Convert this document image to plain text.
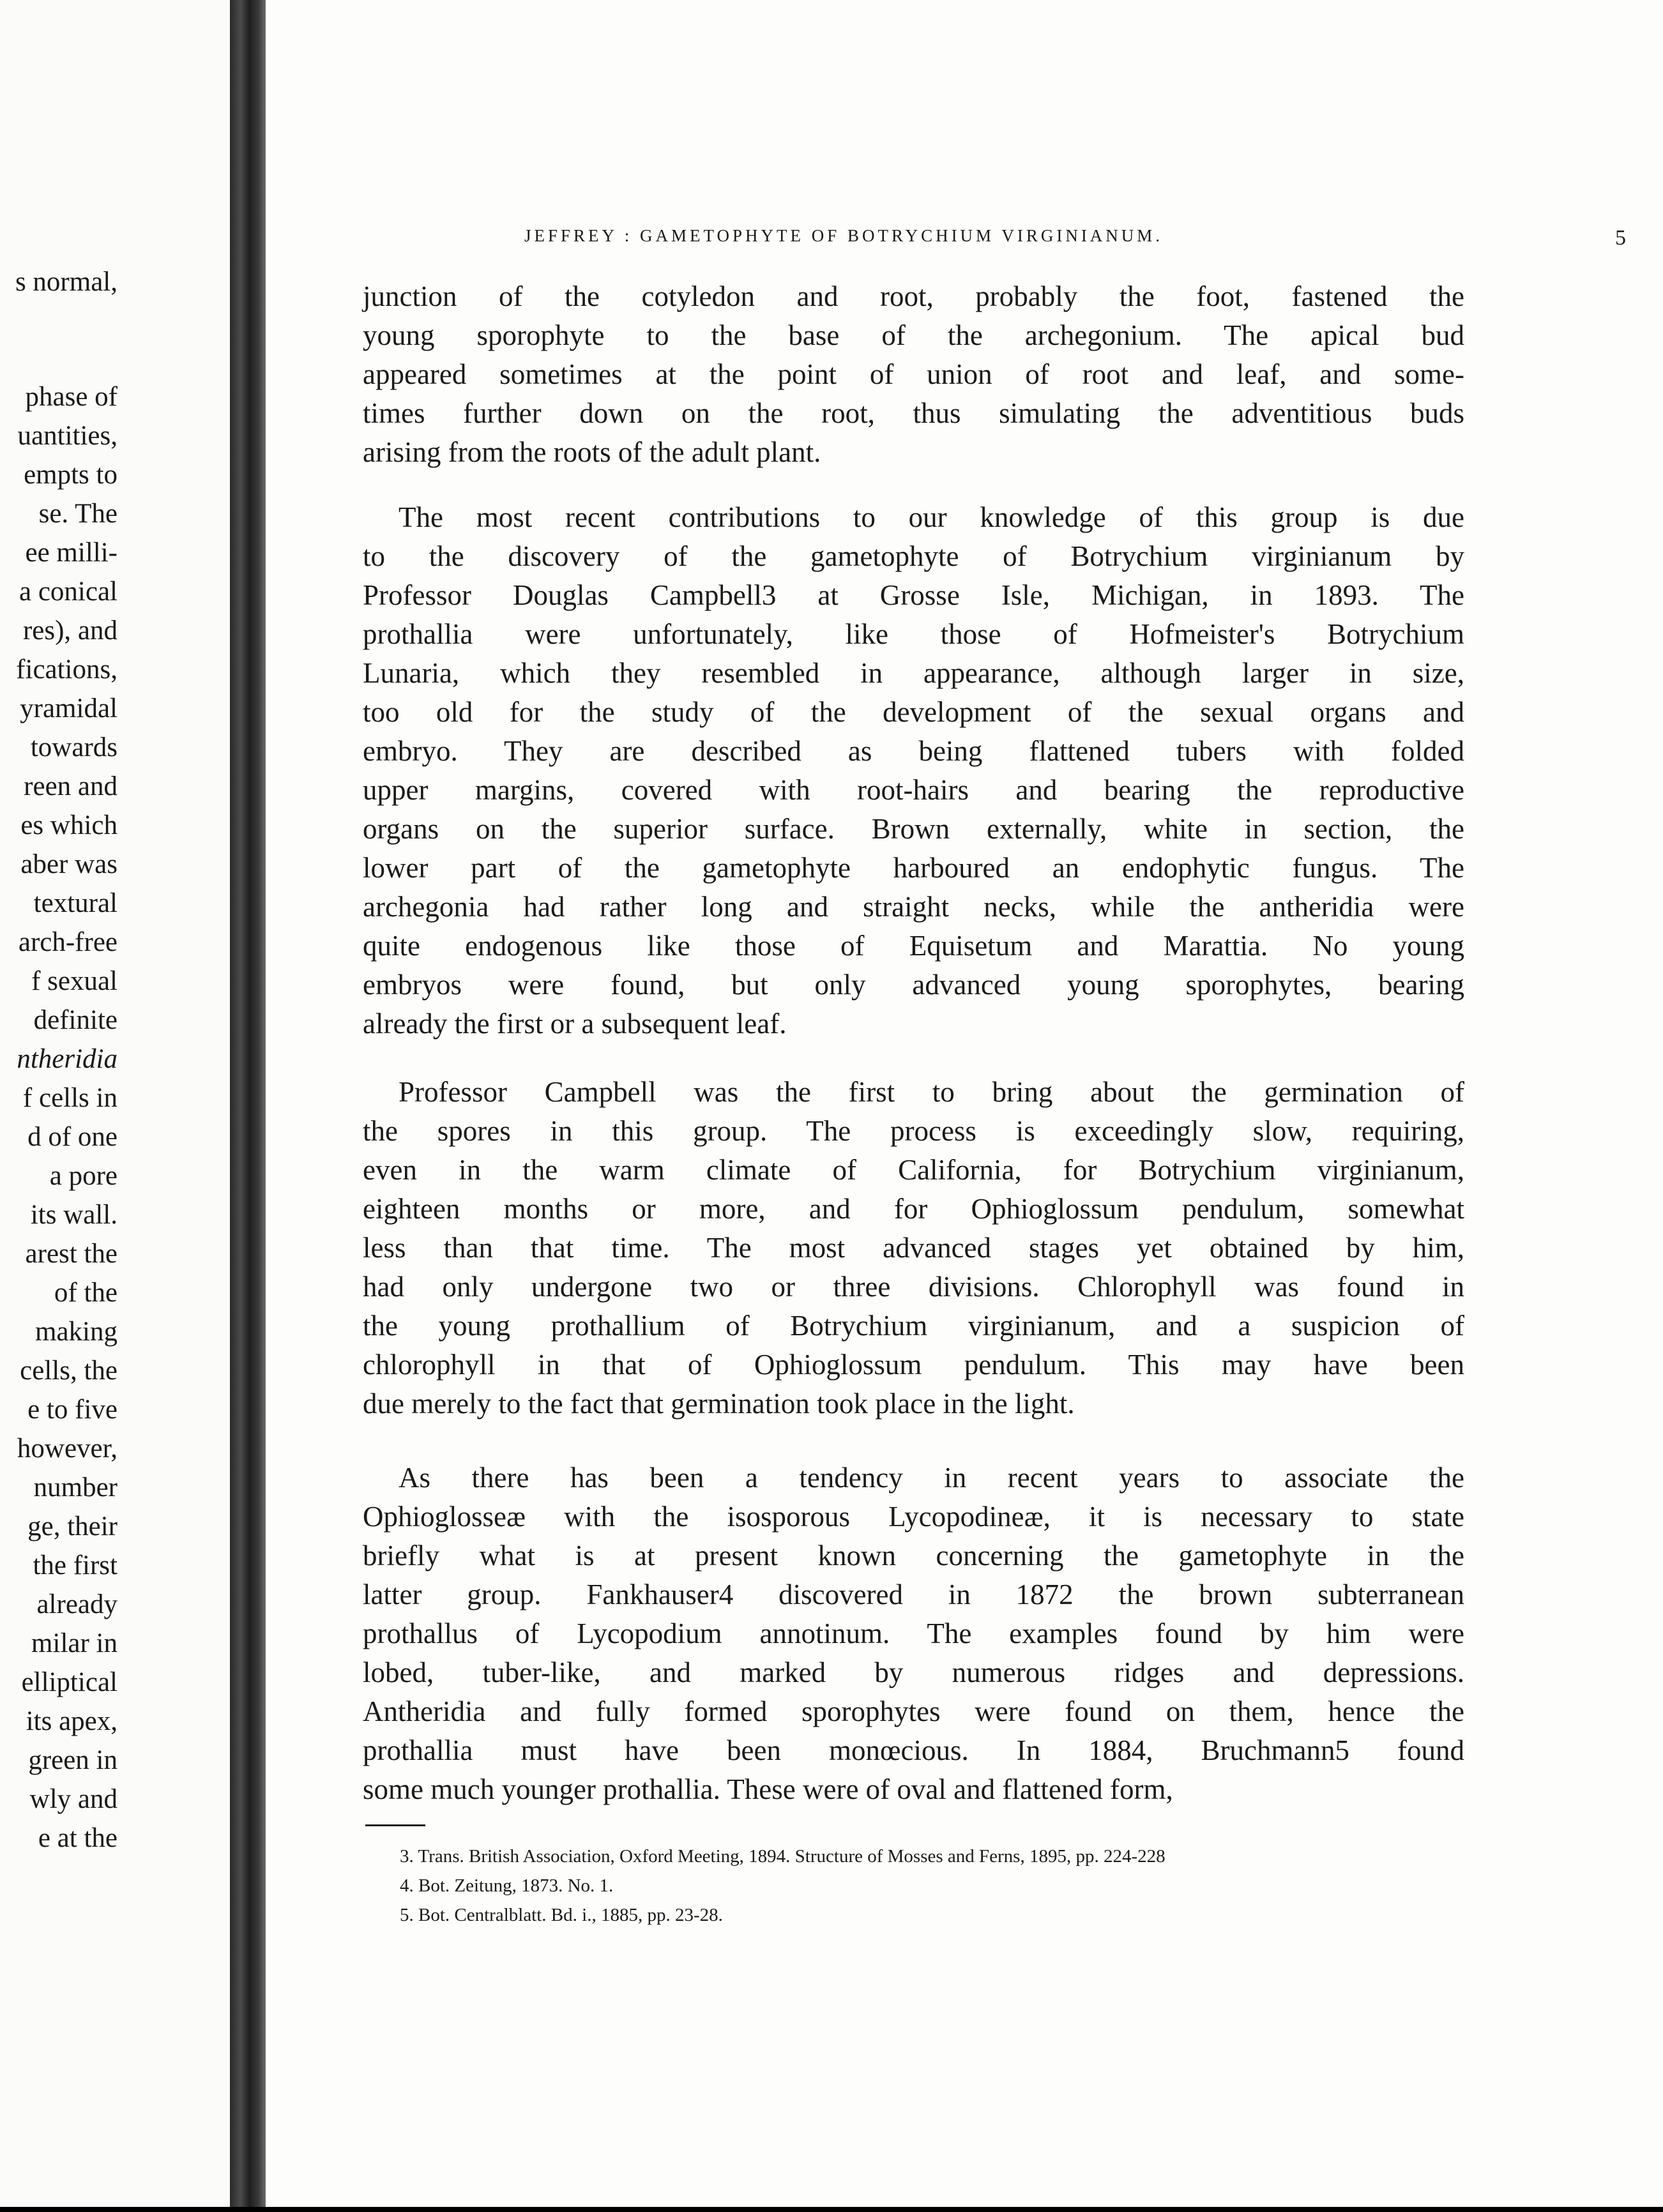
s normal,
phase of
uantities,
empts to
se. The
ee milli-
a conical
res), and
fications,
yramidal
towards
reen and
es which
aber was
textural
arch-free
f sexual
definite
ntheridia
f cells in
d of one
a pore
its wall.
arest the
of the
making
cells, the
e to five
however,
number
ge, their
the first
already
milar in
elliptical
its apex,
green in
wly and
e at the
JEFFREY : GAMETOPHYTE OF BOTRYCHIUM VIRGINIANUM.	5
junction of the cotyledon and root, probably the foot, fastened the
young sporophyte to the base of the archegonium. The apical bud
appeared sometimes at the point of union of root and leaf, and some-
times further down on the root, thus simulating the adventitious buds
arising from the roots of the adult plant.
The most recent contributions to our knowledge of this group is due
to the discovery of the gametophyte of Botrychium virginianum by
Professor Douglas Campbell3 at Grosse Isle, Michigan, in 1893. The
prothallia were unfortunately, like those of Hofmeister's Botrychium
Lunaria, which they resembled in appearance, although larger in size,
too old for the study of the development of the sexual organs and
embryo. They are described as being flattened tubers with folded
upper margins, covered with root-hairs and bearing the reproductive
organs on the superior surface. Brown externally, white in section, the
lower part of the gametophyte harboured an endophytic fungus. The
archegonia had rather long and straight necks, while the antheridia were
quite endogenous like those of Equisetum and Marattia. No young
embryos were found, but only advanced young sporophytes, bearing
already the first or a subsequent leaf.
Professor Campbell was the first to bring about the germination of
the spores in this group. The process is exceedingly slow, requiring,
even in the warm climate of California, for Botrychium virginianum,
eighteen months or more, and for Ophioglossum pendulum, somewhat
less than that time. The most advanced stages yet obtained by him,
had only undergone two or three divisions. Chlorophyll was found in
the young prothallium of Botrychium virginianum, and a suspicion of
chlorophyll in that of Ophioglossum pendulum. This may have been
due merely to the fact that germination took place in the light.
As there has been a tendency in recent years to associate the
Ophioglosseæ with the isosporous Lycopodineæ, it is necessary to state
briefly what is at present known concerning the gametophyte in the
latter group. Fankhauser4 discovered in 1872 the brown subterranean
prothallus of Lycopodium annotinum. The examples found by him were
lobed, tuber-like, and marked by numerous ridges and depressions.
Antheridia and fully formed sporophytes were found on them, hence the
prothallia must have been monœcious. In 1884, Bruchmann5 found
some much younger prothallia. These were of oval and flattened form,
3. Trans. British Association, Oxford Meeting, 1894. Structure of Mosses and Ferns, 1895, pp. 224-228
4. Bot. Zeitung, 1873. No. 1.
5. Bot. Centralblatt. Bd. i., 1885, pp. 23-28.
